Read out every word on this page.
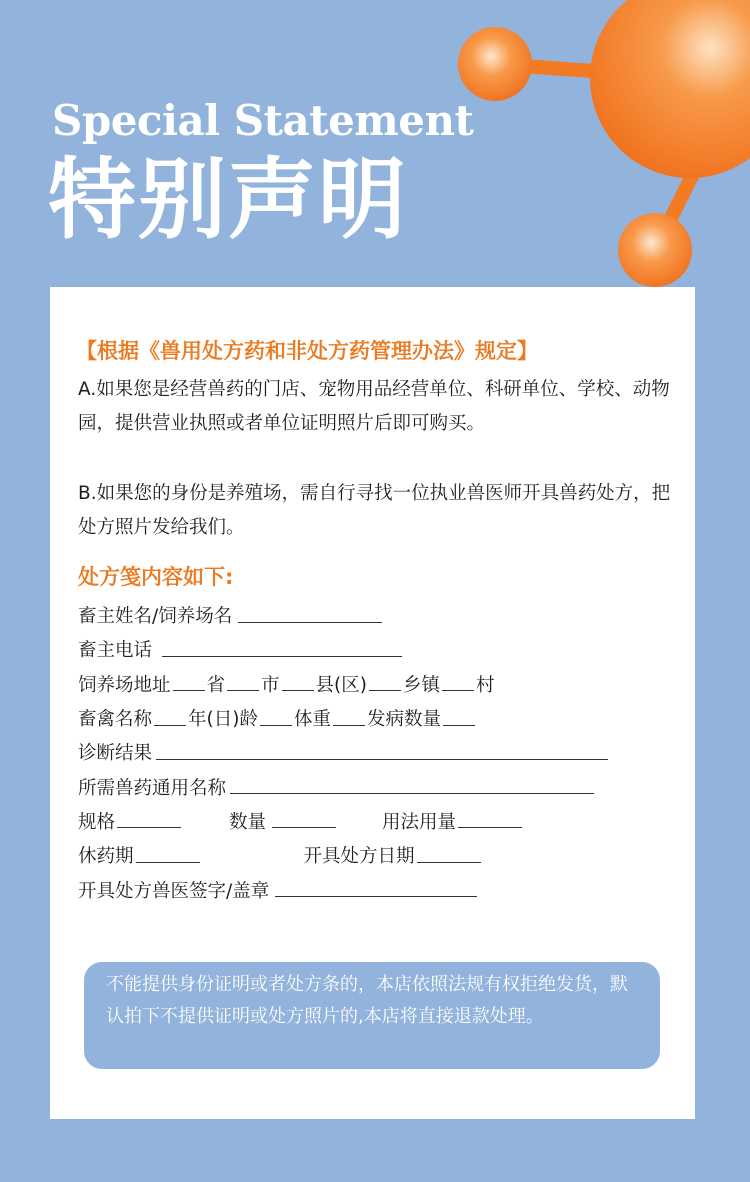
Special Statement
特别声明
【根据《兽用处方药和非处方药管理办法》规定】
A.如果您是经营兽药的门店、宠物用品经营单位、科研单位、学校、动物园，提供营业执照或者单位证明照片后即可购买。
B.如果您的身份是养殖场，需自行寻找一位执业兽医师开具兽药处方，把处方照片发给我们。
处方笺内容如下:
畜主姓名/饲养场名
畜主电话
饲养场地址 省 市 县(区) 乡镇 村
畜禽名称 年(日)龄 体重 发病数量
诊断结果
所需兽药通用名称
规格	数量	用法用量
休药期	开具处方日期
开具处方兽医签字/盖章
不能提供身份证明或者处方条的，本店依照法规有权拒绝发货，默认拍下不提供证明或处方照片的,本店将直接退款处理。
